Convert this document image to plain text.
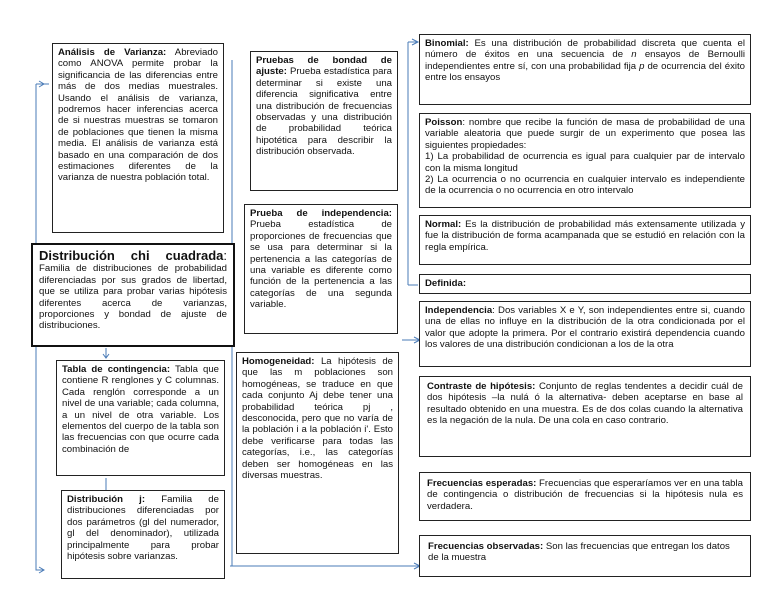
Distribución chi cuadrada: Familia de distribuciones de probabilidad diferenciadas por sus grados de libertad, que se utiliza para probar varias hipótesis diferentes acerca de varianzas, proporciones y bondad de ajuste de distribuciones.
Análisis de Varianza: Abreviado como ANOVA permite probar la significancia de las diferencias entre más de dos medias muestrales. Usando el análisis de varianza, podremos hacer inferencias acerca de si nuestras muestras se tomaron de poblaciones que tienen la misma media. El análisis de varianza está basado en una comparación de dos estimaciones diferentes de la varianza de nuestra población total.
Tabla de contingencia: Tabla que contiene R renglones y C columnas. Cada renglón corresponde a un nivel de una variable; cada columna, a un nivel de otra variable. Los elementos del cuerpo de la tabla son las frecuencias con que ocurre cada combinación de
Distribución j: Familia de distribuciones diferenciadas por dos parámetros (gl del numerador, gl del denominador), utilizada principalmente para probar hipótesis sobre varianzas.
Pruebas de bondad de ajuste: Prueba estadística para determinar si existe una diferencia significativa entre una distribución de frecuencias observadas y una distribución de probabilidad teórica hipotética para describir la distribución observada.
Prueba de independencia: Prueba estadística de proporciones de frecuencias que se usa para determinar si la pertenencia a las categorías de una variable es diferente como función de la pertenencia a las categorías de una segunda variable.
Homogeneidad: La hipótesis de que las m poblaciones son homogéneas, se traduce en que cada conjunto Aj debe tener una probabilidad teórica pj , desconocida, pero que no varía de la población i a la población i'. Esto debe verificarse para todas las categorías, i.e., las categorías deben ser homogéneas en las diversas muestras.
Binomial: Es una distribución de probabilidad discreta que cuenta el número de éxitos en una secuencia de n ensayos de Bernoulli independientes entre sí, con una probabilidad fija p de ocurrencia del éxito entre los ensayos
Poisson: nombre que recibe la función de masa de probabilidad de una variable aleatoria que puede surgir de un experimento que posea las siguientes propiedades:
1) La probabilidad de ocurrencia es igual para cualquier par de intervalo con la misma longitud
2) La ocurrencia o no ocurrencia en cualquier intervalo es independiente de la ocurrencia o no ocurrencia en otro intervalo
Normal: Es la distribución de probabilidad más extensamente utilizada y fue la distribución de forma acampanada que se estudió en relación con la regla empírica.
Definida:
Independencia: Dos variables X e Y, son independientes entre si, cuando una de ellas no influye en la distribución de la otra condicionada por el valor que adopte la primera. Por el contrario existirá dependencia cuando los valores de una distribución condicionan a los de la otra
Contraste de hipótesis: Conjunto de reglas tendentes a decidir cuál de dos hipótesis –la nulá ó la alternativa- deben aceptarse en base al resultado obtenido en una muestra. Es de dos colas cuando la alternativa es la negación de la nula. De una cola en caso contrario.
Frecuencias esperadas: Frecuencias que esperaríamos ver en una tabla de contingencia o distribución de frecuencias si la hipótesis nula es verdadera.
Frecuencias observadas: Son las frecuencias que entregan los datos de la muestra
